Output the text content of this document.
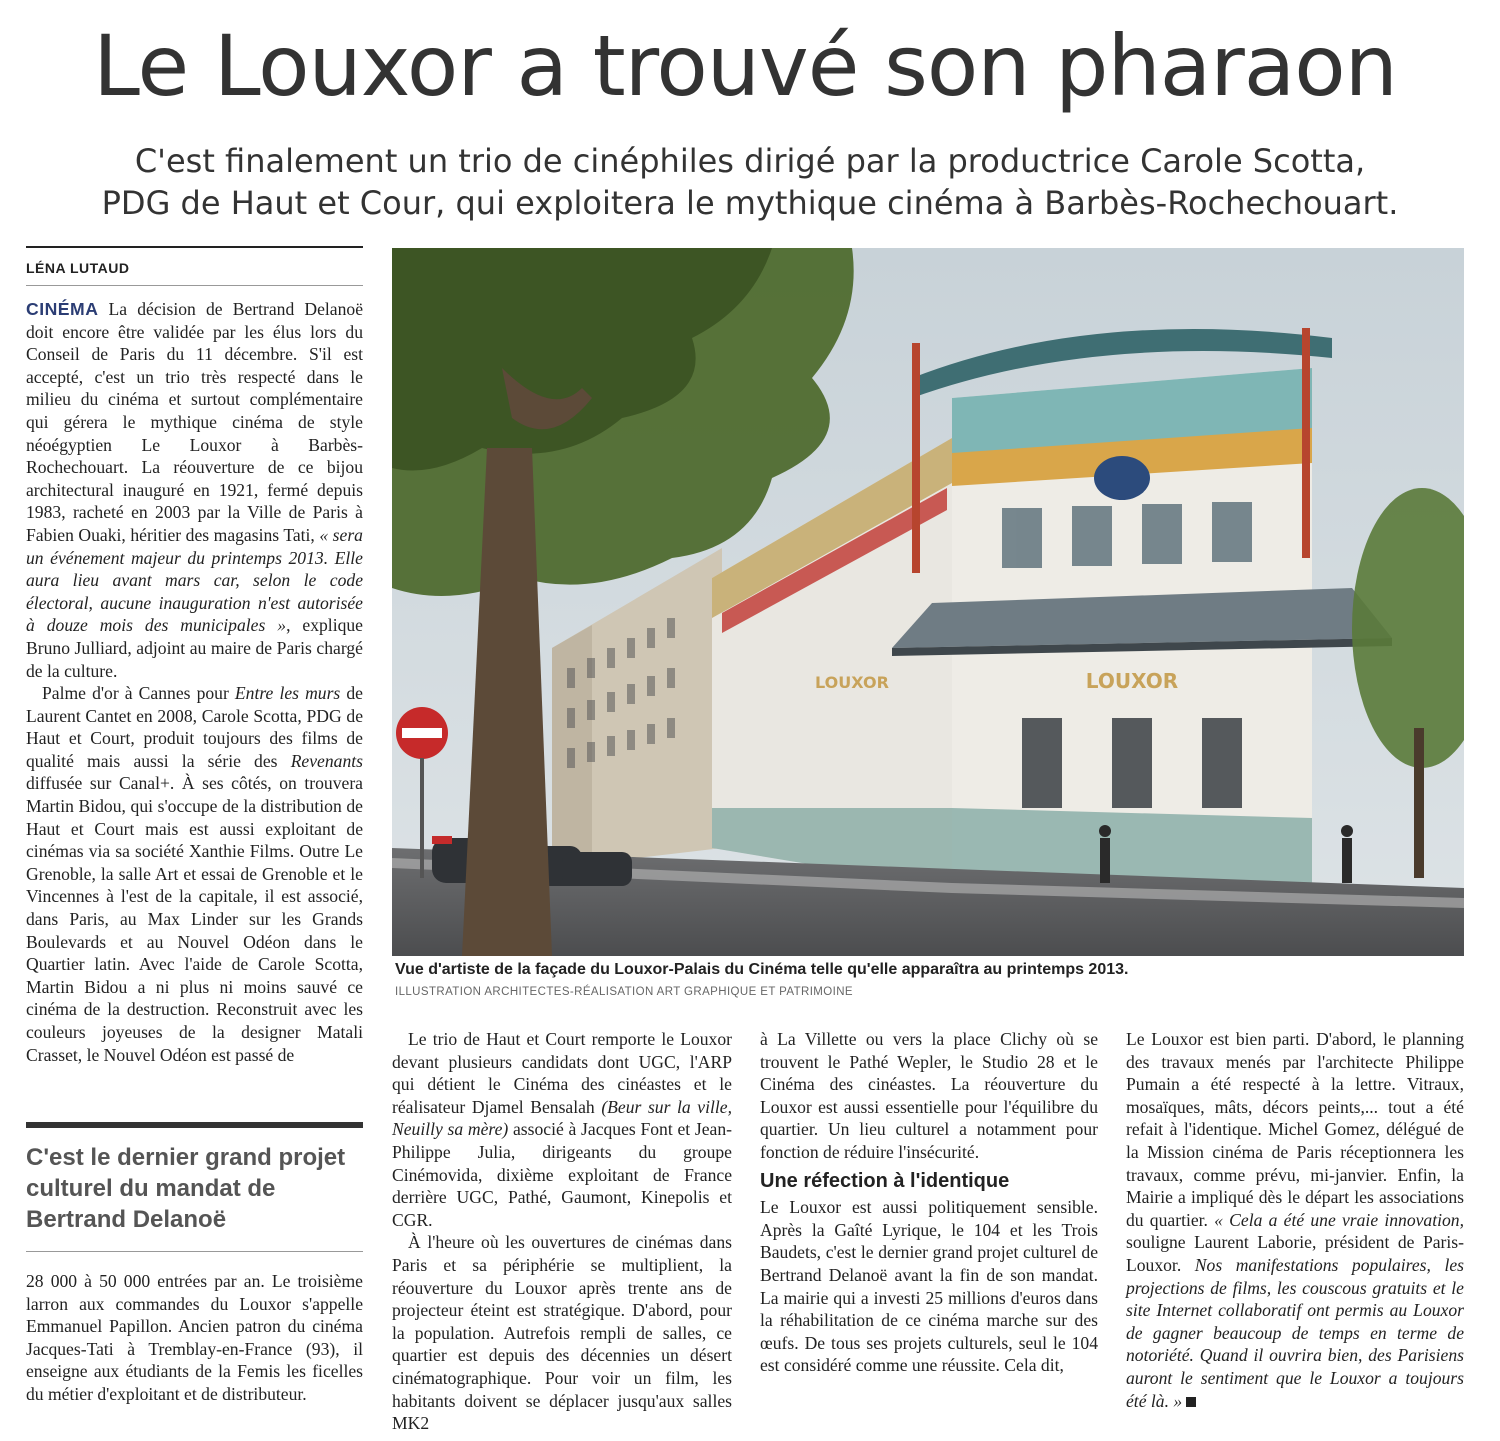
Le Louxor a trouvé son pharaon
C'est finalement un trio de cinéphiles dirigé par la productrice Carole Scotta,
PDG de Haut et Cour, qui exploitera le mythique cinéma à Barbès-Rochechouart.
LÉNA LUTAUD

CINÉMA La décision de Bertrand Delanoë doit encore être validée par les élus lors du Conseil de Paris du 11 décembre. S'il est accepté, c'est un trio très respecté dans le milieu du cinéma et surtout complémentaire qui gérera le mythique cinéma de style néoégyptien Le Louxor à Barbès-Rochechouart. La réouverture de ce bijou architectural inauguré en 1921, fermé depuis 1983, racheté en 2003 par la Ville de Paris à Fabien Ouaki, héritier des magasins Tati, « sera un événement majeur du printemps 2013. Elle aura lieu avant mars car, selon le code électoral, aucune inauguration n'est autorisée à douze mois des municipales », explique Bruno Julliard, adjoint au maire de Paris chargé de la culture.

Palme d'or à Cannes pour Entre les murs de Laurent Cantet en 2008, Carole Scotta, PDG de Haut et Court, produit toujours des films de qualité mais aussi la série des Revenants diffusée sur Canal+. À ses côtés, on trouvera Martin Bidou, qui s'occupe de la distribution de Haut et Court mais est aussi exploitant de cinémas via sa société Xanthie Films. Outre Le Grenoble, la salle Art et essai de Grenoble et le Vincennes à l'est de la capitale, il est associé, dans Paris, au Max Linder sur les Grands Boulevards et au Nouvel Odéon dans le Quartier latin. Avec l'aide de Carole Scotta, Martin Bidou a ni plus ni moins sauvé ce cinéma de la destruction. Reconstruit avec les couleurs joyeuses de la designer Matali Crasset, le Nouvel Odéon est passé de

C'est le dernier grand projet culturel du mandat de Bertrand Delanoë

28 000 à 50 000 entrées par an. Le troisième larron aux commandes du Louxor s'appelle Emmanuel Papillon. Ancien patron du cinéma Jacques-Tati à Tremblay-en-France (93), il enseigne aux étudiants de la Femis les ficelles du métier d'exploitant et de distributeur.

LOUXOR
LOUXOR
Vue d'artiste de la façade du Louxor-Palais du Cinéma telle qu'elle apparaîtra au printemps 2013.
ILLUSTRATION ARCHITECTES-RÉALISATION ART GRAPHIQUE ET PATRIMOINE

Le trio de Haut et Court remporte le Louxor devant plusieurs candidats dont UGC, l'ARP qui détient le Cinéma des cinéastes et le réalisateur Djamel Bensalah (Beur sur la ville, Neuilly sa mère) associé à Jacques Font et Jean-Philippe Julia, dirigeants du groupe Cinémovida, dixième exploitant de France derrière UGC, Pathé, Gaumont, Kinepolis et CGR.

À l'heure où les ouvertures de cinémas dans Paris et sa périphérie se multiplient, la réouverture du Louxor après trente ans de projecteur éteint est stratégique. D'abord, pour la population. Autrefois rempli de salles, ce quartier est depuis des décennies un désert cinématographique. Pour voir un film, les habitants doivent se déplacer jusqu'aux salles MK2

à La Villette ou vers la place Clichy où se trouvent le Pathé Wepler, le Studio 28 et le Cinéma des cinéastes. La réouverture du Louxor est aussi essentielle pour l'équilibre du quartier. Un lieu culturel a notamment pour fonction de réduire l'insécurité.

Une réfection à l'identique

Le Louxor est aussi politiquement sensible. Après la Gaîté Lyrique, le 104 et les Trois Baudets, c'est le dernier grand projet culturel de Bertrand Delanoë avant la fin de son mandat. La mairie qui a investi 25 millions d'euros dans la réhabilitation de ce cinéma marche sur des œufs. De tous ses projets culturels, seul le 104 est considéré comme une réussite. Cela dit,

Le Louxor est bien parti. D'abord, le planning des travaux menés par l'architecte Philippe Pumain a été respecté à la lettre. Vitraux, mosaïques, mâts, décors peints,... tout a été refait à l'identique. Michel Gomez, délégué de la Mission cinéma de Paris réceptionnera les travaux, comme prévu, mi-janvier. Enfin, la Mairie a impliqué dès le départ les associations du quartier. « Cela a été une vraie innovation, souligne Laurent Laborie, président de Paris-Louxor. Nos manifestations populaires, les projections de films, les couscous gratuits et le site Internet collaboratif ont permis au Louxor de gagner beaucoup de temps en terme de notoriété. Quand il ouvrira bien, des Parisiens auront le sentiment que le Louxor a toujours été là. »
